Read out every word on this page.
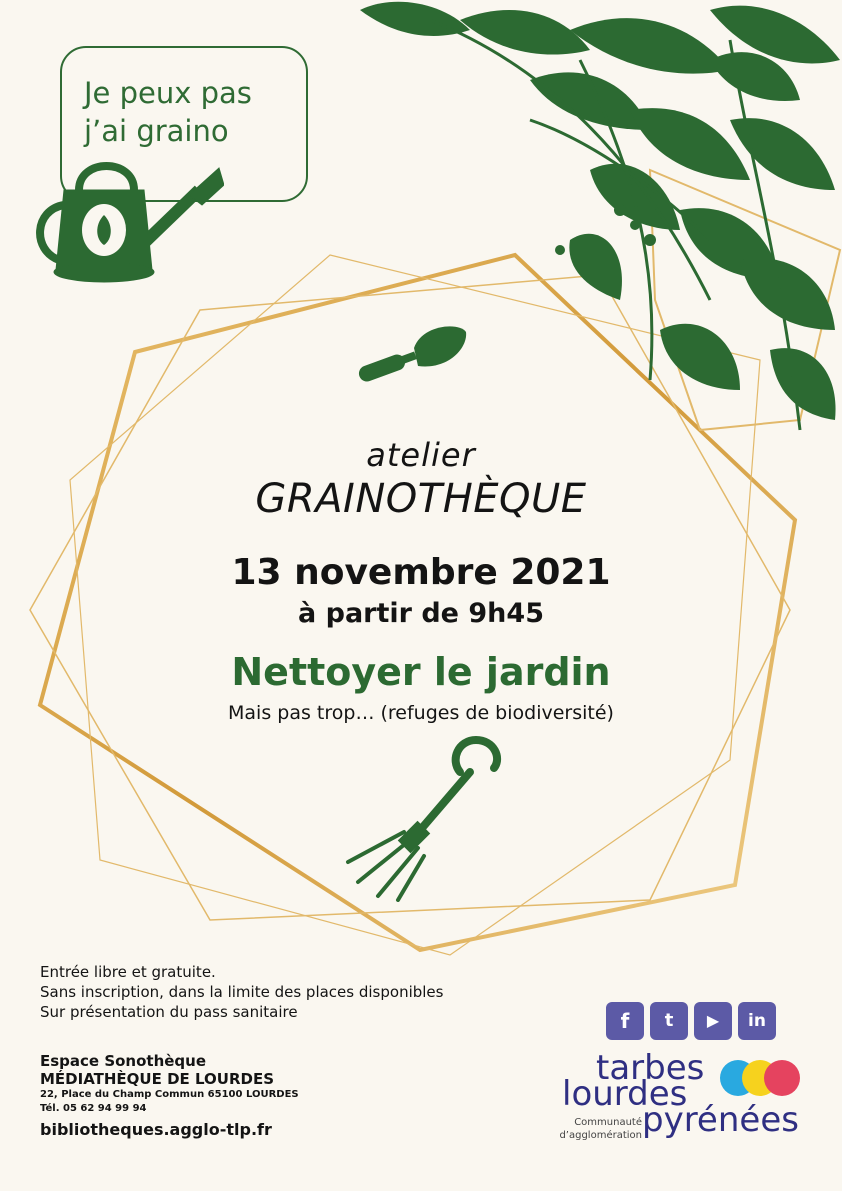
Je peux pas
j’ai graino
atelier
GRAINOTHÈQUE
13 novembre 2021
à partir de 9h45
Nettoyer le jardin
Mais pas trop… (refuges de biodiversité)
Entrée libre et gratuite.
Sans inscription, dans la limite des places disponibles
Sur présentation du pass sanitaire
Espace Sonothèque
MÉDIATHÈQUE DE LOURDES
22, Place du Champ Commun 65100 LOURDES
Tél. 05 62 94 99 94
bibliotheques.agglo-tlp.fr
f	t	▶	in
tarbes
lourdes
pyrénées
Communauté
d’agglomération
